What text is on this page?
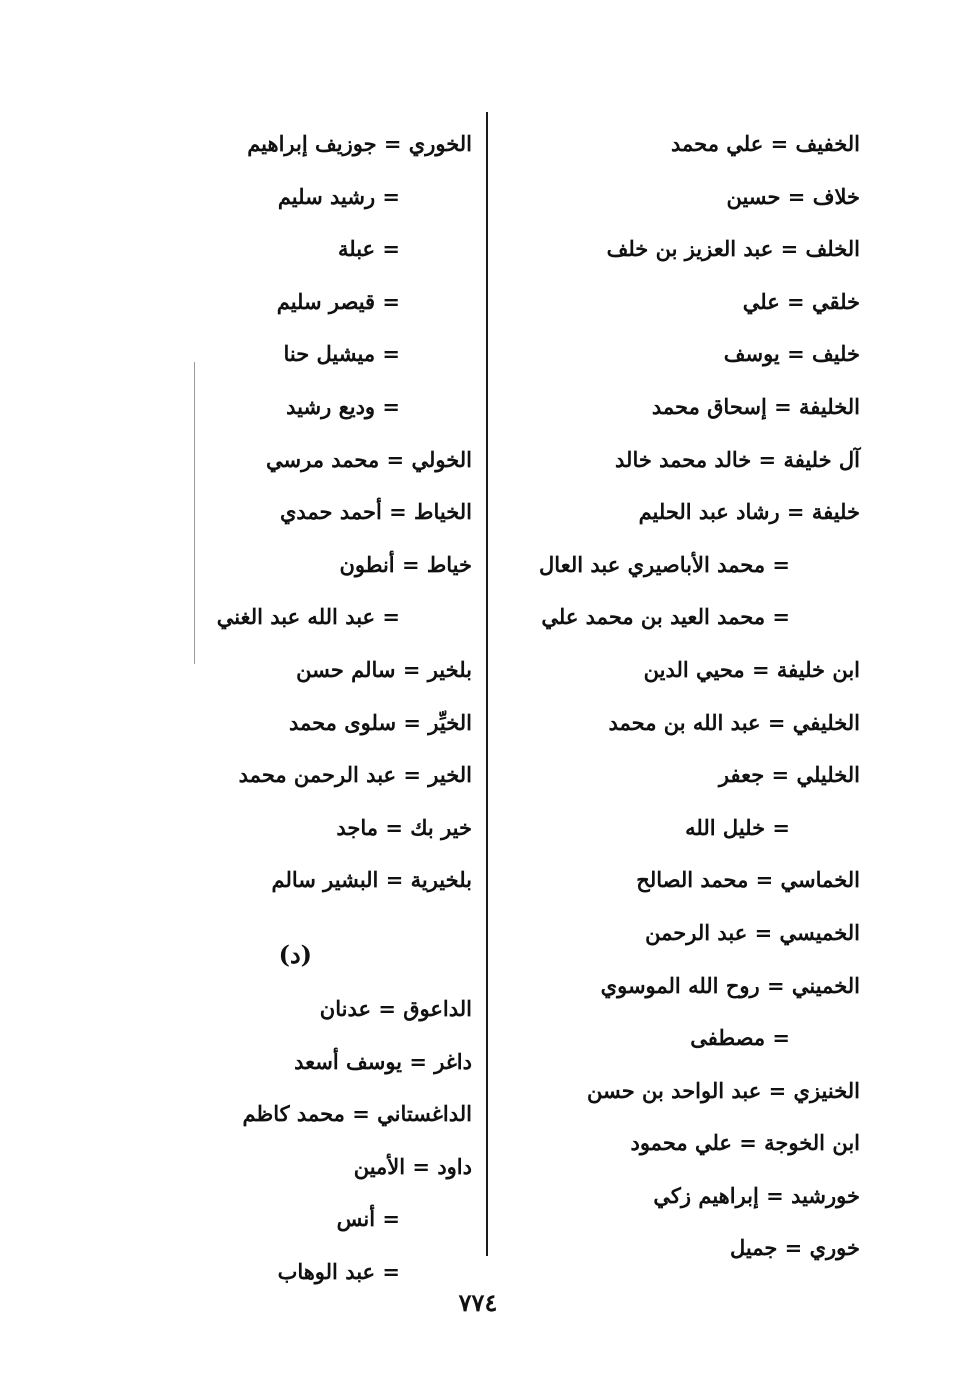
الخفيف = علي محمد
خلاف = حسين
الخلف = عبد العزيز بن خلف
خلقي = علي
خليف = يوسف
الخليفة = إسحاق محمد
آل خليفة = خالد محمد خالد
خليفة = رشاد عبد الحليم
= محمد الأباصيري عبد العال
= محمد العيد بن محمد علي
ابن خليفة = محيي الدين
الخليفي = عبد الله بن محمد
الخليلي = جعفر
= خليل الله
الخماسي = محمد الصالح
الخميسي = عبد الرحمن
الخميني = روح الله الموسوي
= مصطفى
الخنيزي = عبد الواحد بن حسن
ابن الخوجة = علي محمود
خورشيد = إبراهيم زكي
خوري = جميل
الخوري = جوزيف إبراهيم
= رشيد سليم
= عبلة
= قيصر سليم
= ميشيل حنا
= وديع رشيد
الخولي = محمد مرسي
الخياط = أحمد حمدي
خياط = أنطون
= عبد الله عبد الغني
بلخير = سالم حسن
الخيِّر = سلوى محمد
الخير = عبد الرحمن محمد
خير بك = ماجد
بلخيرية = البشير سالم
(د)
الداعوق = عدنان
داغر = يوسف أسعد
الداغستاني = محمد كاظم
داود = الأمين
= أنس
= عبد الوهاب
٧٧٤
